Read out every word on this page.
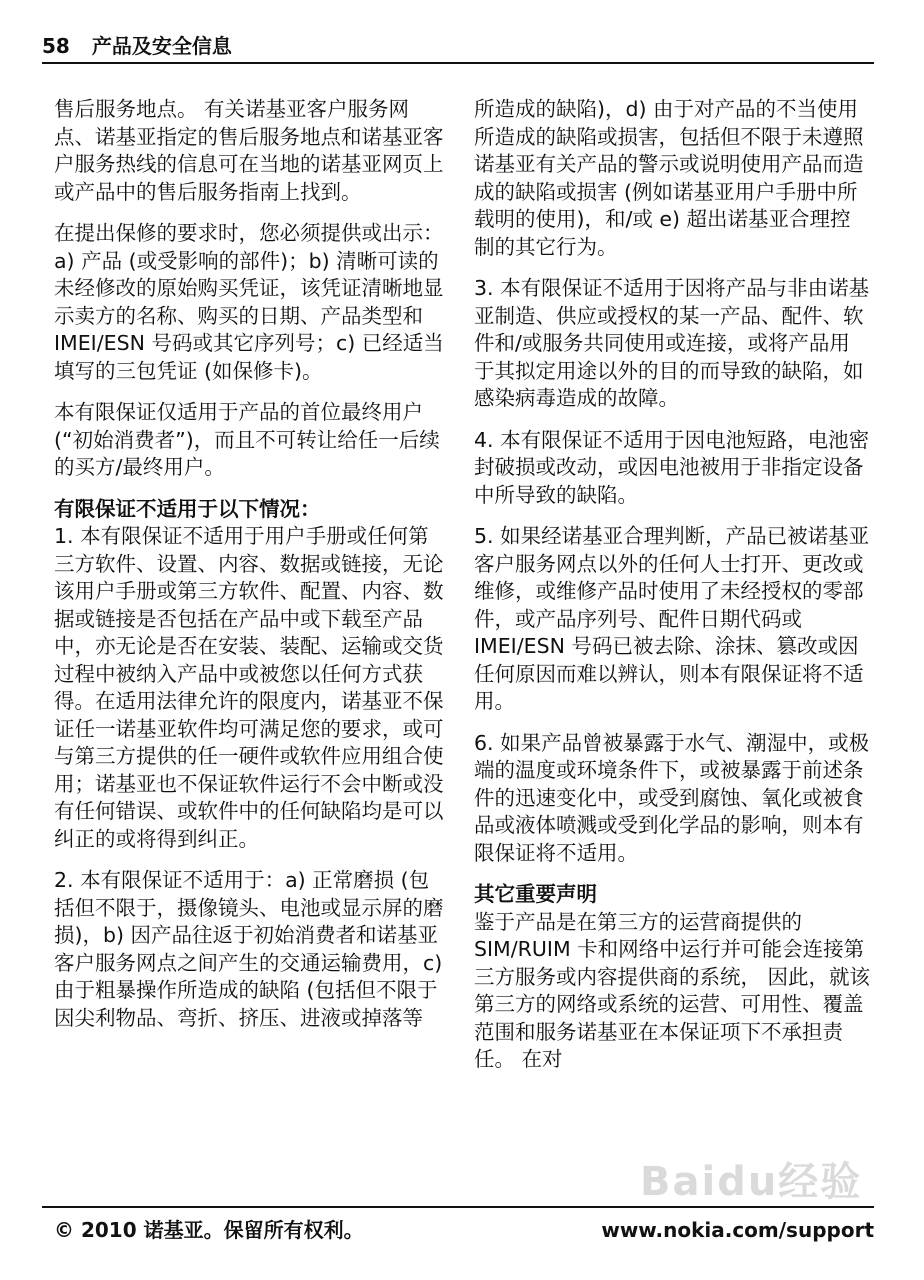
58 产品及安全信息

售后服务地点。 有关诺基亚客户服务网点、诺基亚指定的售后服务地点和诺基亚客户服务热线的信息可在当地的诺基亚网页上或产品中的售后服务指南上找到。

在提出保修的要求时，您必须提供或出示： a) 产品 (或受影响的部件)；b) 清晰可读的未经修改的原始购买凭证，该凭证清晰地显示卖方的名称、购买的日期、产品类型和 IMEI/ESN 号码或其它序列号；c) 已经适当填写的三包凭证 (如保修卡)。

本有限保证仅适用于产品的首位最终用户 (“初始消费者”)，而且不可转让给任一后续的买方/最终用户。

有限保证不适用于以下情况：

1. 本有限保证不适用于用户手册或任何第三方软件、设置、内容、数据或链接，无论该用户手册或第三方软件、配置、内容、数据或链接是否包括在产品中或下载至产品中，亦无论是否在安装、装配、运输或交货过程中被纳入产品中或被您以任何方式获得。在适用法律允许的限度内，诺基亚不保证任一诺基亚软件均可满足您的要求，或可与第三方提供的任一硬件或软件应用组合使用；诺基亚也不保证软件运行不会中断或没有任何错误、或软件中的任何缺陷均是可以纠正的或将得到纠正。

2. 本有限保证不适用于：a) 正常磨损 (包括但不限于，摄像镜头、电池或显示屏的磨损)，b) 因产品往返于初始消费者和诺基亚客户服务网点之间产生的交通运输费用，c) 由于粗暴操作所造成的缺陷 (包括但不限于因尖利物品、弯折、挤压、进液或掉落等

所造成的缺陷)，d) 由于对产品的不当使用所造成的缺陷或损害，包括但不限于未遵照诺基亚有关产品的警示或说明使用产品而造成的缺陷或损害 (例如诺基亚用户手册中所载明的使用)，和/或 e) 超出诺基亚合理控制的其它行为。

3. 本有限保证不适用于因将产品与非由诺基亚制造、供应或授权的某一产品、配件、软件和/或服务共同使用或连接，或将产品用于其拟定用途以外的目的而导致的缺陷，如感染病毒造成的故障。

4. 本有限保证不适用于因电池短路，电池密封破损或改动，或因电池被用于非指定设备中所导致的缺陷。

5. 如果经诺基亚合理判断，产品已被诺基亚客户服务网点以外的任何人士打开、更改或维修，或维修产品时使用了未经授权的零部件，或产品序列号、配件日期代码或 IMEI/ESN 号码已被去除、涂抹、篡改或因任何原因而难以辨认，则本有限保证将不适用。

6. 如果产品曾被暴露于水气、潮湿中，或极端的温度或环境条件下，或被暴露于前述条件的迅速变化中，或受到腐蚀、氧化或被食品或液体喷溅或受到化学品的影响，则本有限保证将不适用。

其它重要声明

鉴于产品是在第三方的运营商提供的 SIM/RUIM 卡和网络中运行并可能会连接第三方服务或内容提供商的系统， 因此，就该第三方的网络或系统的运营、可用性、覆盖范围和服务诺基亚在本保证项下不承担责任。 在对

Baidu经验
© 2010 诺基亚。保留所有权利。	www.nokia.com/support
